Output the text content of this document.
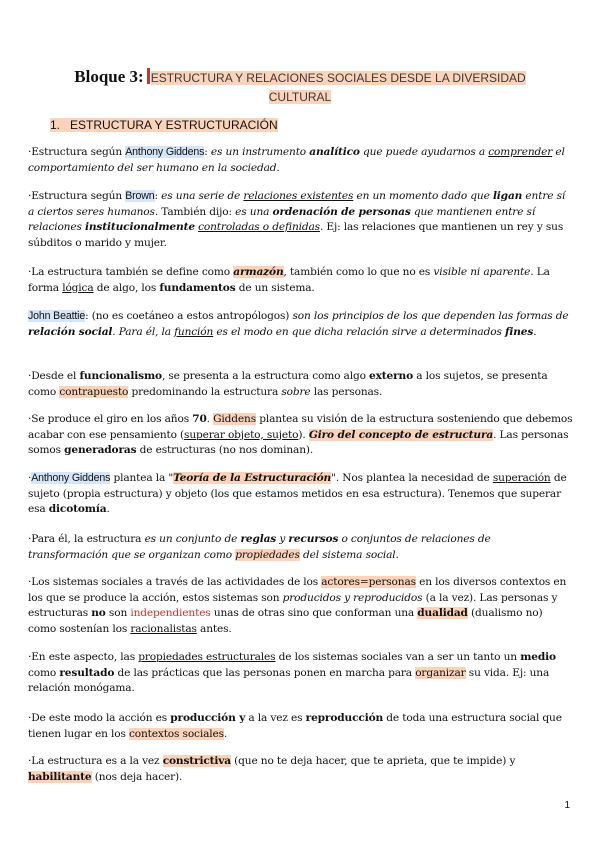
Bloque 3: ESTRUCTURA Y RELACIONES SOCIALES DESDE LA DIVERSIDAD
CULTURAL
1. ESTRUCTURA Y ESTRUCTURACIÓN

·Estructura según Anthony Giddens: es un instrumento analítico que puede ayudarnos a comprender el comportamiento del ser humano en la sociedad.

·Estructura según Brown: es una serie de relaciones existentes en un momento dado que ligan entre sí a ciertos seres humanos. También dijo: es una ordenación de personas que mantienen entre sí relaciones institucionalmente controladas o definidas. Ej: las relaciones que mantienen un rey y sus súbditos o marido y mujer.

·La estructura también se define como armazón, también como lo que no es visible ni aparente. La forma lógica de algo, los fundamentos de un sistema.

John Beattie: (no es coetáneo a estos antropólogos) son los principios de los que dependen las formas de relación social. Para él, la función es el modo en que dicha relación sirve a determinados fines.

·Desde el funcionalismo, se presenta a la estructura como algo externo a los sujetos, se presenta como contrapuesto predominando la estructura sobre las personas.

·Se produce el giro en los años 70. Giddens plantea su visión de la estructura sosteniendo que debemos acabar con ese pensamiento (superar objeto, sujeto). Giro del concepto de estructura. Las personas somos generadoras de estructuras (no nos dominan).

·Anthony Giddens plantea la "Teoría de la Estructuración". Nos plantea la necesidad de superación de sujeto (propia estructura) y objeto (los que estamos metidos en esa estructura). Tenemos que superar esa dicotomía.

·Para él, la estructura es un conjunto de reglas y recursos o conjuntos de relaciones de transformación que se organizan como propiedades del sistema social.

·Los sistemas sociales a través de las actividades de los actores=personas en los diversos contextos en los que se produce la acción, estos sistemas son producidos y reproducidos (a la vez). Las personas y estructuras no son independientes unas de otras sino que conforman una dualidad (dualismo no) como sostenían los racionalistas antes.

·En este aspecto, las propiedades estructurales de los sistemas sociales van a ser un tanto un medio como resultado de las prácticas que las personas ponen en marcha para organizar su vida. Ej: una relación monógama.

·De este modo la acción es producción y a la vez es reproducción de toda una estructura social que tienen lugar en los contextos sociales.

·La estructura es a la vez constrictiva (que no te deja hacer, que te aprieta, que te impide) y habilitante (nos deja hacer).

1
